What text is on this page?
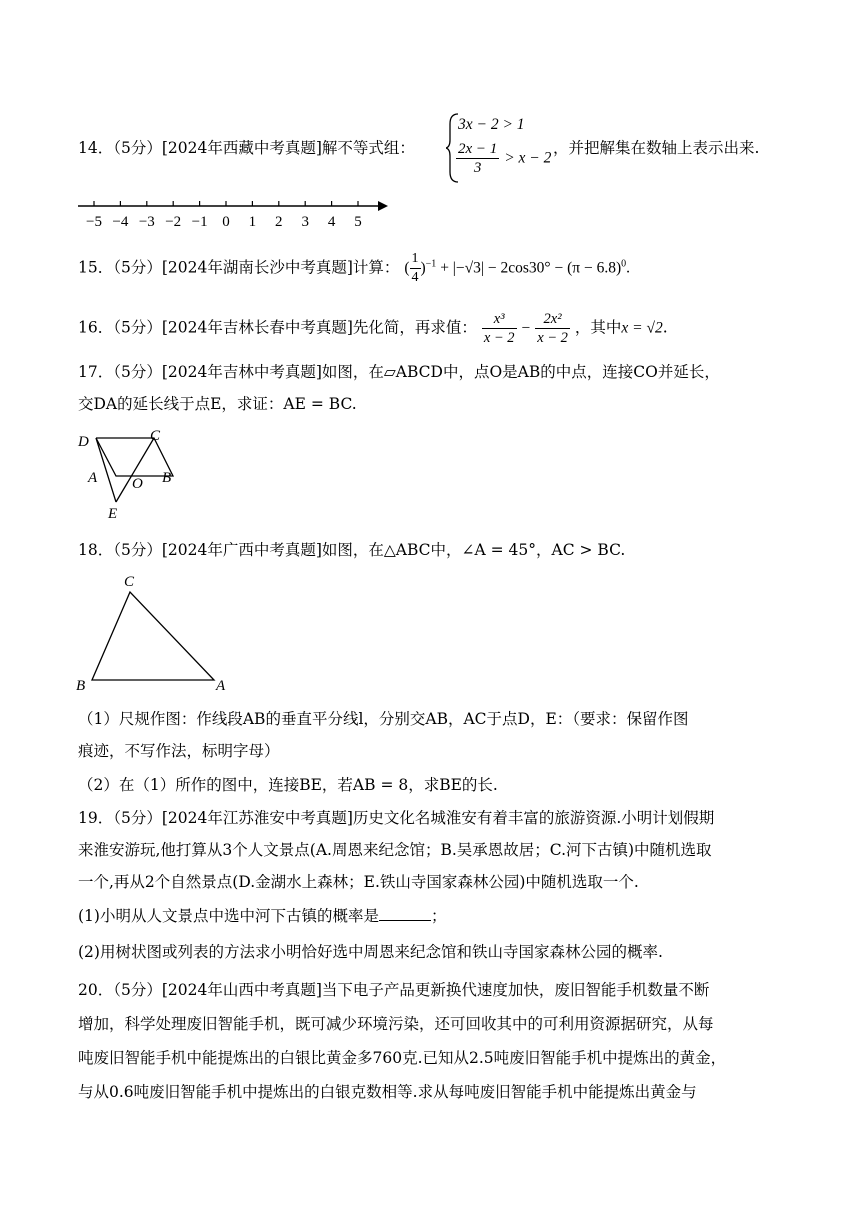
14．（5分）[2024年西藏中考真题]解不等式组：
3x − 2 > 1
$\frac{2x - 1}{3} > x - 2$
，并把解集在数轴上表示出来.
−5 −4 −3 −2 −1 0 1 2 3 4 5
15．（5分）[2024年湖南长沙中考真题]计算： ( $\frac{1}{4} )^{-1} + |-√3| - 2\cos 30^\circ - (\pi - 6.8)^0$.
16．（5分）[2024年吉林长春中考真题]先化简，再求值： $\frac{\text{x³}}{x - 2} - \frac{\text{2x²}}{x - 2}$ ，其中x = √2.
17．（5分）[2024年吉林中考真题]如图，在▱ABCD中，点O是AB的中点，连接CO并延长，
交DA的延长线于点E，求证：AE = BC.
D	C
A O B
E
18．（5分）[2024年广西中考真题]如图，在△ABC中，∠A = 45°，AC > BC.
C
B	A
（1）尺规作图：作线段AB的垂直平分线l，分别交AB，AC于点D，E：（要求：保留作图
痕迹，不写作法，标明字母）
（2）在（1）所作的图中，连接BE，若AB = 8，求BE的长.
19．（5分）[2024年江苏淮安中考真题]历史文化名城淮安有着丰富的旅游资源.小明计划假期
来淮安游玩,他打算从3个人文景点(A.周恩来纪念馆；B.吴承恩故居；C.河下古镇)中随机选取
一个,再从2个自然景点(D.金湖水上森林；E.铁山寺国家森林公园)中随机选取一个.
(1)小明从人文景点中选中河下古镇的概率是	；
(2)用树状图或列表的方法求小明恰好选中周恩来纪念馆和铁山寺国家森林公园的概率.
20．（5分）[2024年山西中考真题]当下电子产品更新换代速度加快，废旧智能手机数量不断
增加，科学处理废旧智能手机，既可减少环境污染，还可回收其中的可利用资源据研究，从每
吨废旧智能手机中能提炼出的白银比黄金多760克.已知从2.5吨废旧智能手机中提炼出的黄金，
与从0.6吨废旧智能手机中提炼出的白银克数相等.求从每吨废旧智能手机中能提炼出黄金与
